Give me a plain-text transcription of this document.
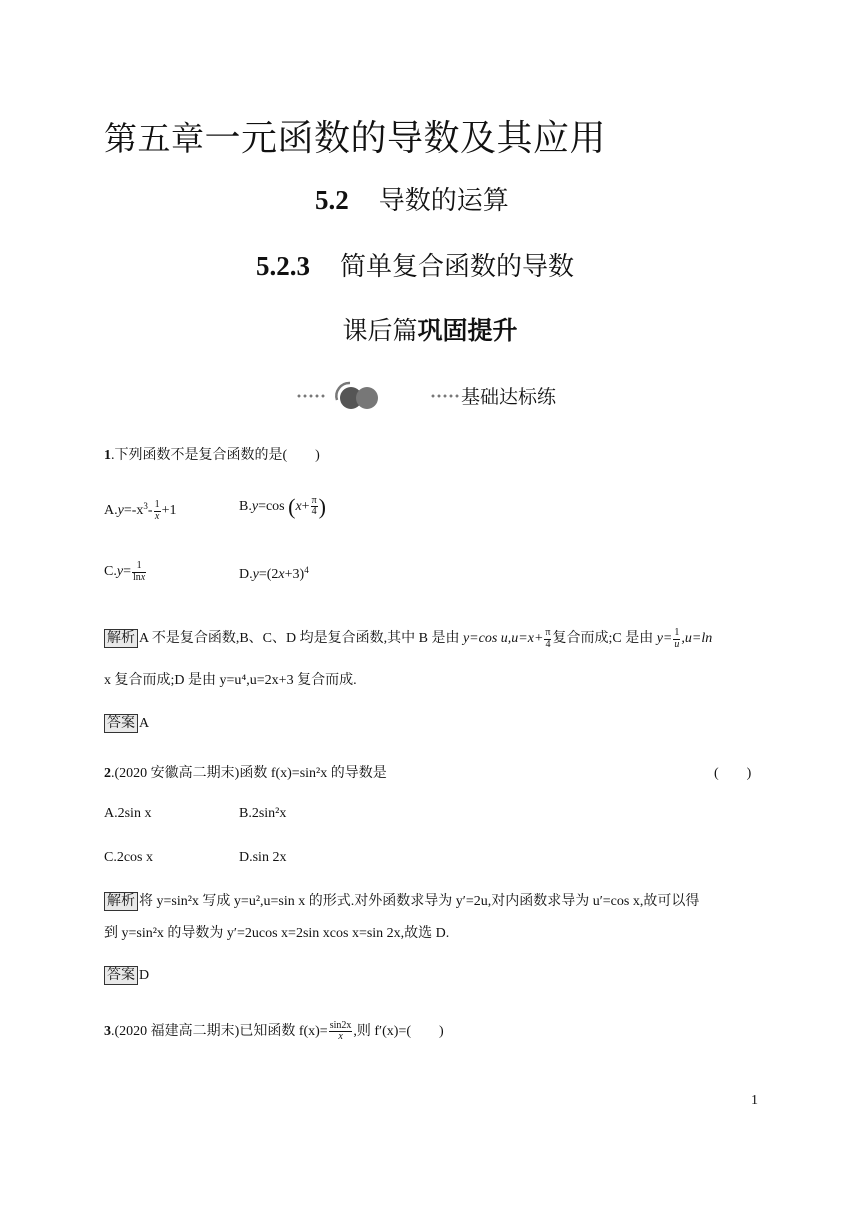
第五章一元函数的导数及其应用
5.2 导数的运算
5.2.3 简单复合函数的导数
课后篇巩固提升
基础达标练
1.下列函数不是复合函数的是(　　)
$A.y=-x^3- \frac{1}{x} +1$	B.y=cos ($x+ \frac{\pi}{4}$ )
$C.y= \frac{1}{\ln x}$	$D.y=(2x+3)^4$
解析 A 不是复合函数,B、C、D 均是复合函数,其中 B 是由 y=cos $u,u=x+ \frac{\pi}{4}$ 复合而成;C 是由 $y= \frac{1}{u} ,u=\ln$
x 复合而成;D 是由 y=u⁴,u=2x+3 复合而成.
答案 A
2.(2020 安徽高二期末)函数 f(x)=sin²x 的导数是	(　　)
A.2sin x	B.2sin²x
C.2cos x	D.sin 2x
解析 将 y=sin²x 写成 y=u²,u=sin x 的形式.对外函数求导为 y′=2u,对内函数求导为 u′=cos x,故可以得
到 y=sin²x 的导数为 y′=2ucos x=2sin xcos x=sin 2x,故选 D.
答案 D
3.(2020 福建高二期末)已知函数 $f(x)= \frac{\sin 2x}{x}$ ,则 f′(x)=(　　)
1
